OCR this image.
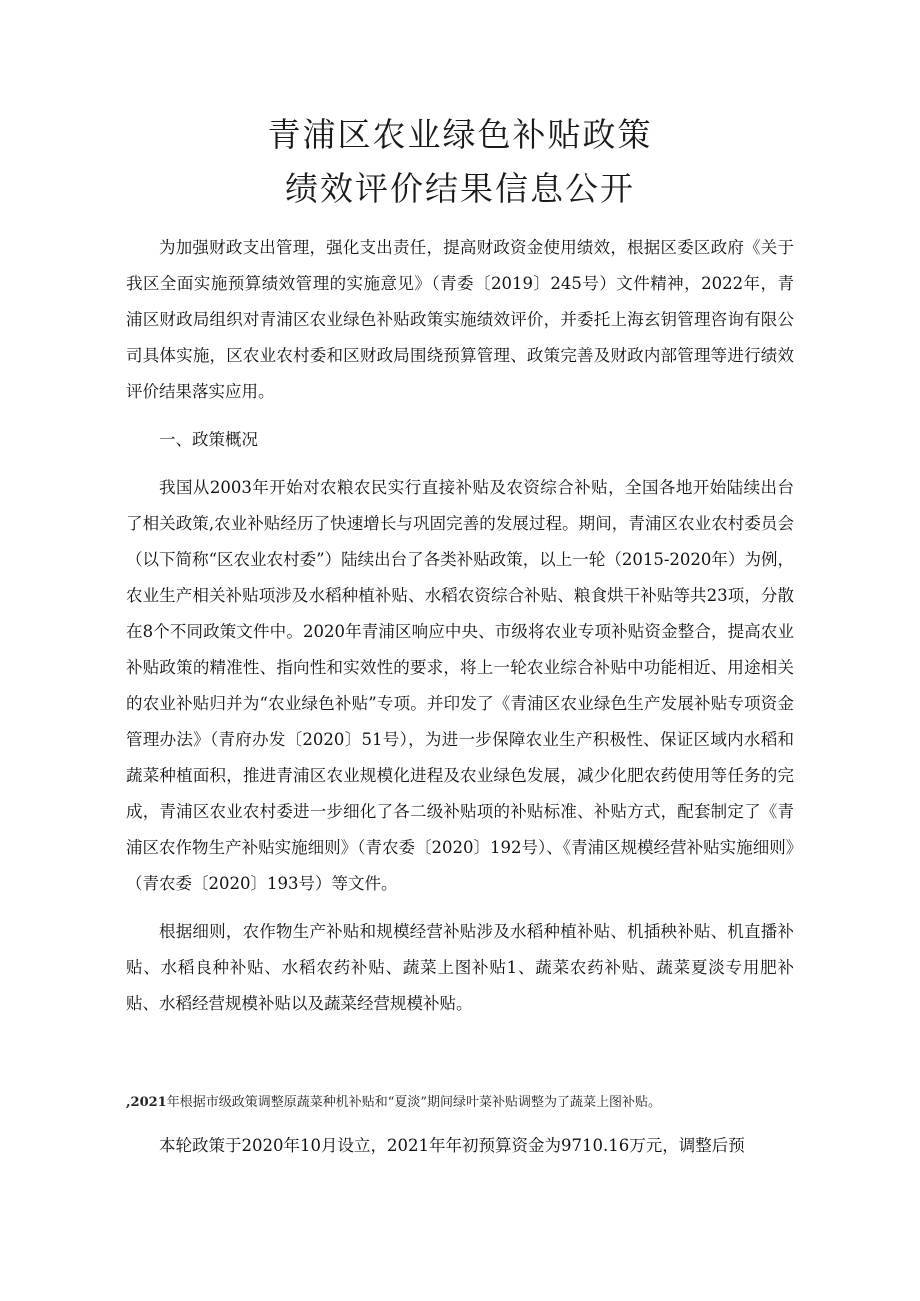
青浦区农业绿色补贴政策
绩效评价结果信息公开

为加强财政支出管理，强化支出责任，提高财政资金使用绩效，根据区委区政府《关于我区全面实施预算绩效管理的实施意见》（青委〔2019〕245号）文件精神，2022年，青浦区财政局组织对青浦区农业绿色补贴政策实施绩效评价，并委托上海玄钥管理咨询有限公司具体实施，区农业农村委和区财政局围绕预算管理、政策完善及财政内部管理等进行绩效评价结果落实应用。

一、政策概况

我国从2003年开始对农粮农民实行直接补贴及农资综合补贴，全国各地开始陆续出台了相关政策,农业补贴经历了快速增长与巩固完善的发展过程。期间，青浦区农业农村委员会（以下简称“区农业农村委”）陆续出台了各类补贴政策，以上一轮（2015-2020年）为例，农业生产相关补贴项涉及水稻种植补贴、水稻农资综合补贴、粮食烘干补贴等共23项，分散在8个不同政策文件中。2020年青浦区响应中央、市级将农业专项补贴资金整合，提高农业补贴政策的精准性、指向性和实效性的要求，将上一轮农业综合补贴中功能相近、用途相关的农业补贴归并为“农业绿色补贴”专项。并印发了《青浦区农业绿色生产发展补贴专项资金管理办法》（青府办发〔2020〕51号），为进一步保障农业生产积极性、保证区域内水稻和蔬菜种植面积，推进青浦区农业规模化进程及农业绿色发展，减少化肥农药使用等任务的完成，青浦区农业农村委进一步细化了各二级补贴项的补贴标准、补贴方式，配套制定了《青浦区农作物生产补贴实施细则》（青农委〔2020〕192号）、《青浦区规模经营补贴实施细则》（青农委〔2020〕193号）等文件。

根据细则，农作物生产补贴和规模经营补贴涉及水稻种植补贴、机插秧补贴、机直播补贴、水稻良种补贴、水稻农药补贴、蔬菜上图补贴1、蔬菜农药补贴、蔬菜夏淡专用肥补贴、水稻经营规模补贴以及蔬菜经营规模补贴。

,2021年根据市级政策调整原蔬菜种机补贴和“夏淡”期间绿叶菜补贴调整为了蔬菜上图补贴。

本轮政策于2020年10月设立，2021年年初预算资金为9710.16万元，调整后预
